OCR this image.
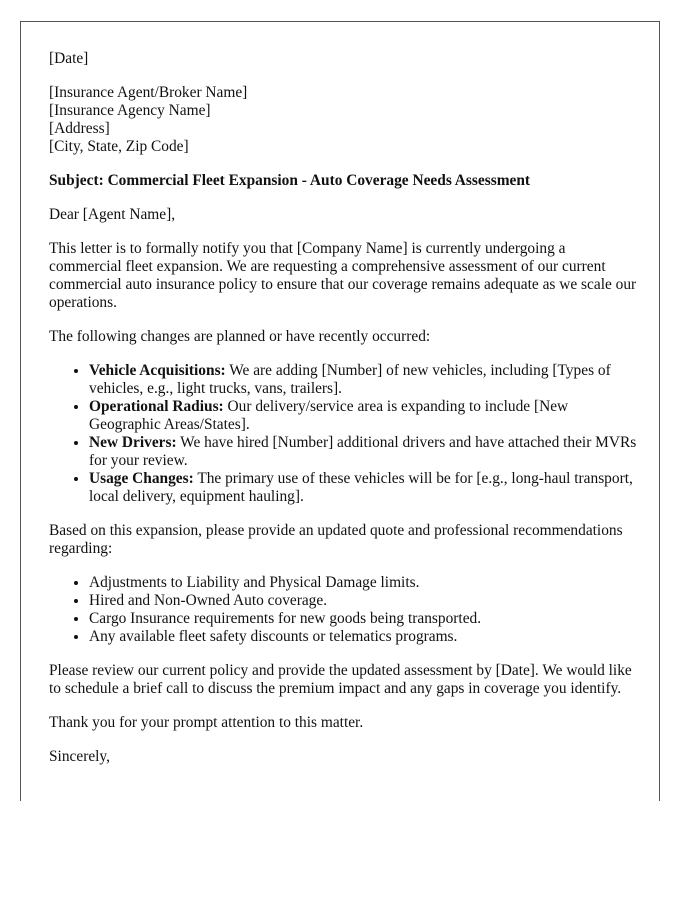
[Date]
[Insurance Agent/Broker Name]
[Insurance Agency Name]
[Address]
[City, State, Zip Code]

Subject: Commercial Fleet Expansion - Auto Coverage Needs Assessment

Dear [Agent Name],

This letter is to formally notify you that [Company Name] is currently undergoing a commercial fleet expansion. We are requesting a comprehensive assessment of our current commercial auto insurance policy to ensure that our coverage remains adequate as we scale our operations.

The following changes are planned or have recently occurred:

• Vehicle Acquisitions: We are adding [Number] of new vehicles, including [Types of vehicles, e.g., light trucks, vans, trailers].
• Operational Radius: Our delivery/service area is expanding to include [New Geographic Areas/States].
• New Drivers: We have hired [Number] additional drivers and have attached their MVRs for your review.
• Usage Changes: The primary use of these vehicles will be for [e.g., long-haul transport, local delivery, equipment hauling].

Based on this expansion, please provide an updated quote and professional recommendations regarding:

• Adjustments to Liability and Physical Damage limits.
• Hired and Non-Owned Auto coverage.
• Cargo Insurance requirements for new goods being transported.
• Any available fleet safety discounts or telematics programs.

Please review our current policy and provide the updated assessment by [Date]. We would like to schedule a brief call to discuss the premium impact and any gaps in coverage you identify.

Thank you for your prompt attention to this matter.

Sincerely,
